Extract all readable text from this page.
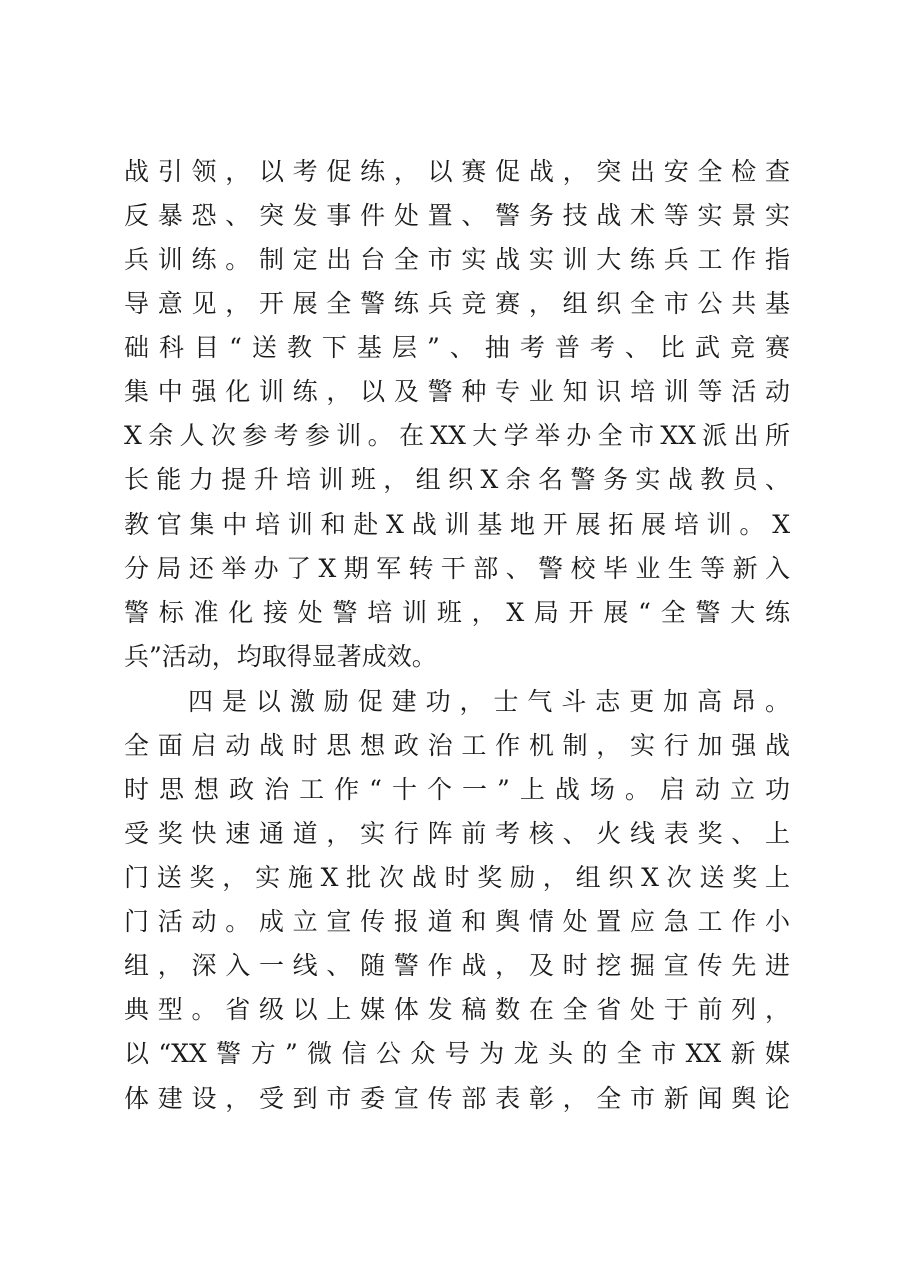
战引领，以考促练，以赛促战，突出安全检查
反暴恐、突发事件处置、警务技战术等实景实
兵训练。制定出台全市实战实训大练兵工作指
导意见，开展全警练兵竞赛，组织全市公共基
础科目“送教下基层”、抽考普考、比武竞赛
集中强化训练，以及警种专业知识培训等活动
X余人次参考参训。在XX大学举办全市XX派出所
长能力提升培训班，组织X余名警务实战教员、
教官集中培训和赴X战训基地开展拓展培训。X
分局还举办了X期军转干部、警校毕业生等新入
警标准化接处警培训班，X局开展“全警大练
兵”活动，均取得显著成效。
四是以激励促建功，士气斗志更加高昂。
全面启动战时思想政治工作机制，实行加强战
时思想政治工作“十个一”上战场。启动立功
受奖快速通道，实行阵前考核、火线表奖、上
门送奖，实施X批次战时奖励，组织X次送奖上
门活动。成立宣传报道和舆情处置应急工作小
组，深入一线、随警作战，及时挖掘宣传先进
典型。省级以上媒体发稿数在全省处于前列，
以“XX警方”微信公众号为龙头的全市XX新媒
体建设，受到市委宣传部表彰，全市新闻舆论
